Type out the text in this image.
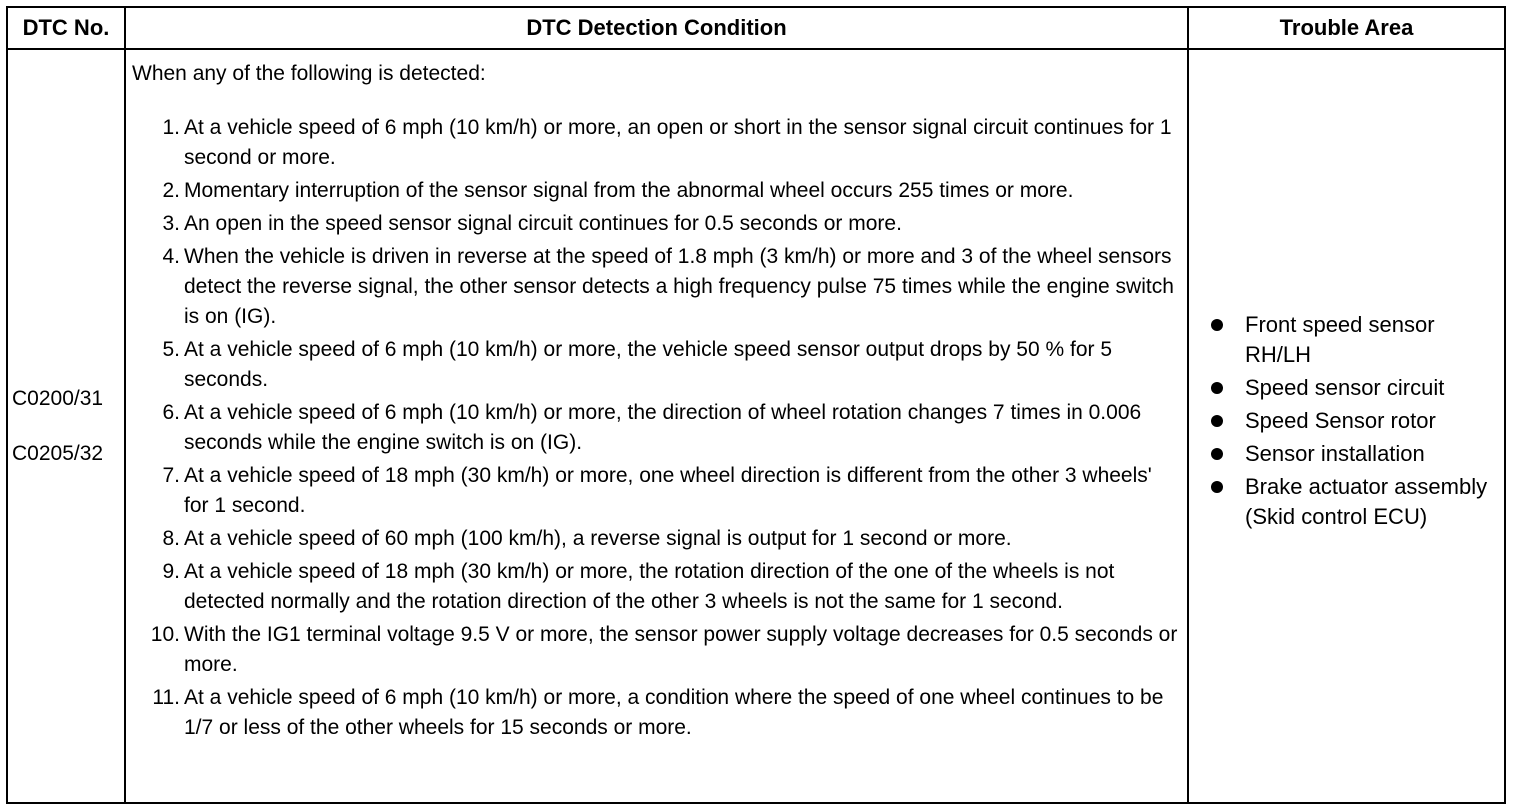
DTC No.	DTC Detection Condition	Trouble Area
C0200/31
C0205/32
When any of the following is detected:
1. At a vehicle speed of 6 mph (10 km/h) or more, an open or short in the sensor signal circuit continues for 1 second or more.
2. Momentary interruption of the sensor signal from the abnormal wheel occurs 255 times or more.
3. An open in the speed sensor signal circuit continues for 0.5 seconds or more.
4. When the vehicle is driven in reverse at the speed of 1.8 mph (3 km/h) or more and 3 of the wheel sensors detect the reverse signal, the other sensor detects a high frequency pulse 75 times while the engine switch is on (IG).
5. At a vehicle speed of 6 mph (10 km/h) or more, the vehicle speed sensor output drops by 50 % for 5 seconds.
6. At a vehicle speed of 6 mph (10 km/h) or more, the direction of wheel rotation changes 7 times in 0.006 seconds while the engine switch is on (IG).
7. At a vehicle speed of 18 mph (30 km/h) or more, one wheel direction is different from the other 3 wheels' for 1 second.
8. At a vehicle speed of 60 mph (100 km/h), a reverse signal is output for 1 second or more.
9. At a vehicle speed of 18 mph (30 km/h) or more, the rotation direction of the one of the wheels is not detected normally and the rotation direction of the other 3 wheels is not the same for 1 second.
10. With the IG1 terminal voltage 9.5 V or more, the sensor power supply voltage decreases for 0.5 seconds or more.
11. At a vehicle speed of 6 mph (10 km/h) or more, a condition where the speed of one wheel continues to be 1/7 or less of the other wheels for 15 seconds or more.
Front speed sensor RH/LH
Speed sensor circuit
Speed Sensor rotor
Sensor installation
Brake actuator assembly (Skid control ECU)
